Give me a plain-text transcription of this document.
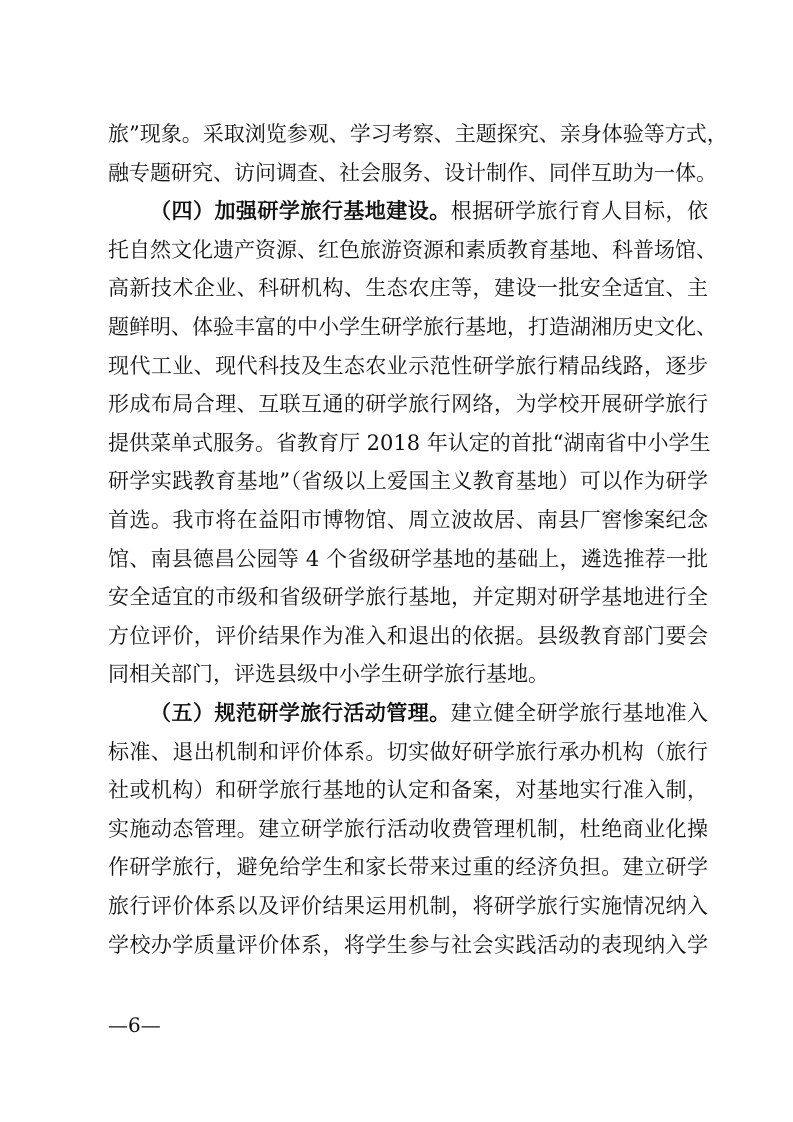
旅”现象。采取浏览参观、学习考察、主题探究、亲身体验等方式，
融专题研究、访问调查、社会服务、设计制作、同伴互助为一体。
（四）加强研学旅行基地建设。根据研学旅行育人目标，依
托自然文化遗产资源、红色旅游资源和素质教育基地、科普场馆、
高新技术企业、科研机构、生态农庄等，建设一批安全适宜、主
题鲜明、体验丰富的中小学生研学旅行基地，打造湖湘历史文化、
现代工业、现代科技及生态农业示范性研学旅行精品线路，逐步
形成布局合理、互联互通的研学旅行网络，为学校开展研学旅行
提供菜单式服务。省教育厅 2018 年认定的首批“湖南省中小学生
研学实践教育基地”（省级以上爱国主义教育基地）可以作为研学
首选。我市将在益阳市博物馆、周立波故居、南县厂窖惨案纪念
馆、南县德昌公园等 4 个省级研学基地的基础上，遴选推荐一批
安全适宜的市级和省级研学旅行基地，并定期对研学基地进行全
方位评价，评价结果作为准入和退出的依据。县级教育部门要会
同相关部门，评选县级中小学生研学旅行基地。
（五）规范研学旅行活动管理。建立健全研学旅行基地准入
标准、退出机制和评价体系。切实做好研学旅行承办机构（旅行
社或机构）和研学旅行基地的认定和备案，对基地实行准入制，
实施动态管理。建立研学旅行活动收费管理机制，杜绝商业化操
作研学旅行，避免给学生和家长带来过重的经济负担。建立研学
旅行评价体系以及评价结果运用机制，将研学旅行实施情况纳入
学校办学质量评价体系，将学生参与社会实践活动的表现纳入学
—6—
